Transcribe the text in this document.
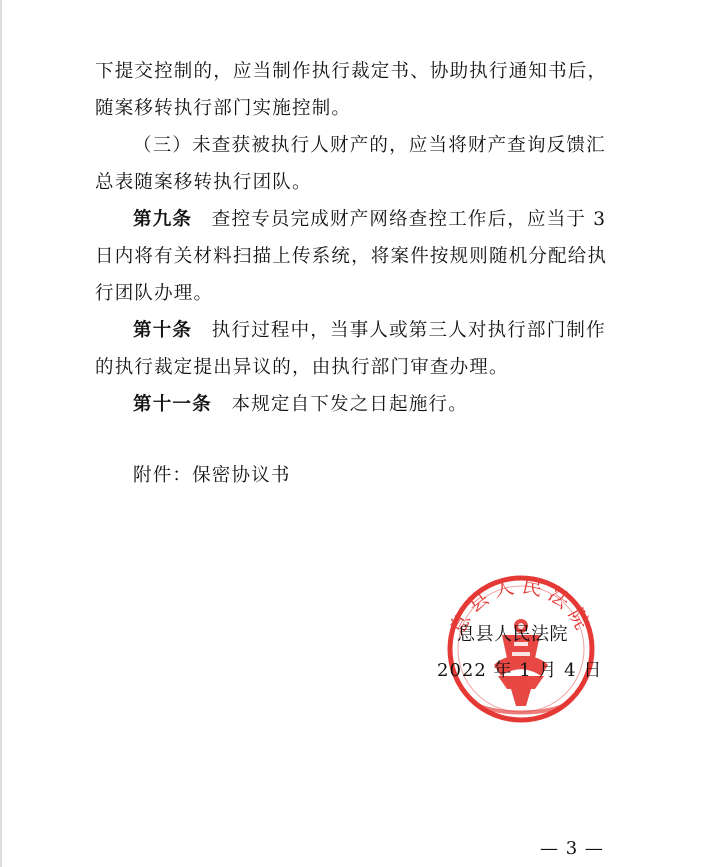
下提交控制的，应当制作执行裁定书、协助执行通知书后，
随案移转执行部门实施控制。
（三）未查获被执行人财产的，应当将财产查询反馈汇
总表随案移转执行团队。
第九条　查控专员完成财产网络查控工作后，应当于 3
日内将有关材料扫描上传系统，将案件按规则随机分配给执
行团队办理。
第十条　执行过程中，当事人或第三人对执行部门制作
的执行裁定提出异议的，由执行部门审查办理。
第十一条　本规定自下发之日起施行。
附件：保密协议书
息县人民法院
息县人民法院
2022 年 1 月 4 日
— 3 —
